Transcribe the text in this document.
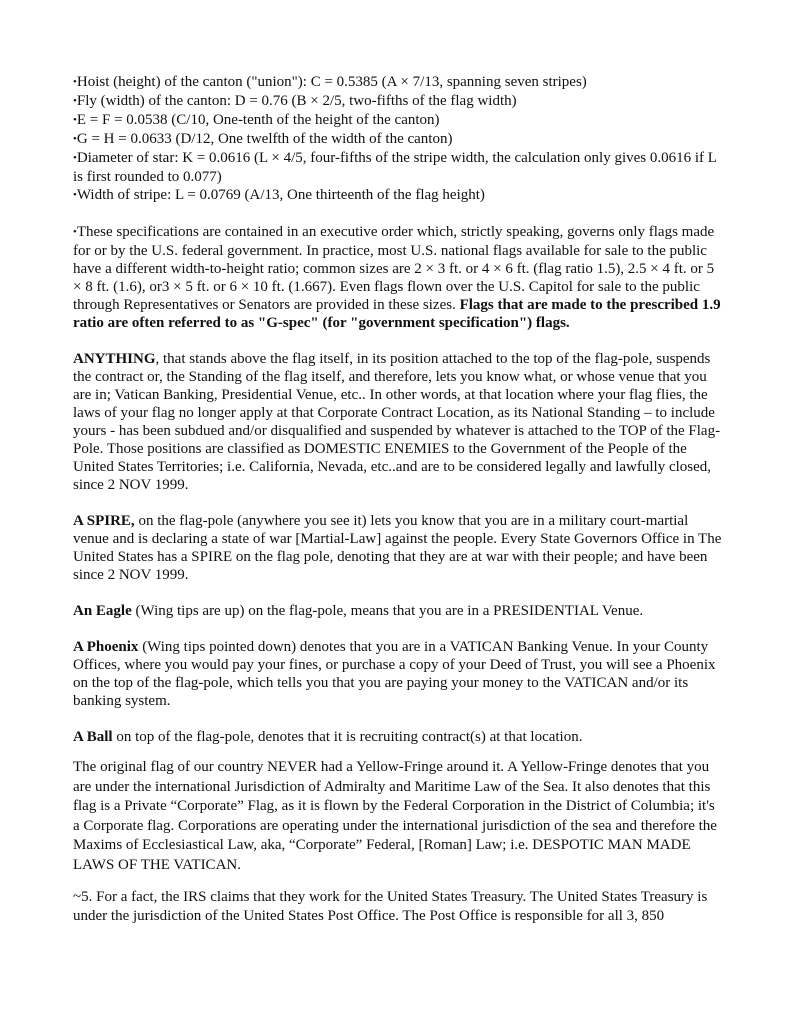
•Hoist (height) of the canton ("union"): C = 0.5385 (A × 7/13, spanning seven stripes)
•Fly (width) of the canton: D = 0.76 (B × 2/5, two-fifths of the flag width)
•E = F = 0.0538 (C/10, One-tenth of the height of the canton)
•G = H = 0.0633 (D/12, One twelfth of the width of the canton)
•Diameter of star: K = 0.0616 (L × 4/5, four-fifths of the stripe width, the calculation only gives 0.0616 if L is first rounded to 0.077)
•Width of stripe: L = 0.0769 (A/13, One thirteenth of the flag height)

•These specifications are contained in an executive order which, strictly speaking, governs only flags made for or by the U.S. federal government. In practice, most U.S. national flags available for sale to the public have a different width-to-height ratio; common sizes are 2 × 3 ft. or 4 × 6 ft. (flag ratio 1.5), 2.5 × 4 ft. or 5 × 8 ft. (1.6), or3 × 5 ft. or 6 × 10 ft. (1.667). Even flags flown over the U.S. Capitol for sale to the public through Representatives or Senators are provided in these sizes. Flags that are made to the prescribed 1.9 ratio are often referred to as "G-spec" (for "government specification") flags.

ANYTHING, that stands above the flag itself, in its position attached to the top of the flag-pole, suspends the contract or, the Standing of the flag itself, and therefore, lets you know what, or whose venue that you are in; Vatican Banking, Presidential Venue, etc.. In other words, at that location where your flag flies, the laws of your flag no longer apply at that Corporate Contract Location, as its National Standing – to include yours - has been subdued and/or disqualified and suspended by whatever is attached to the TOP of the Flag-Pole. Those positions are classified as DOMESTIC ENEMIES to the Government of the People of the United States Territories; i.e. California, Nevada, etc..and are to be considered legally and lawfully closed, since 2 NOV 1999.

A SPIRE, on the flag-pole (anywhere you see it) lets you know that you are in a military court-martial venue and is declaring a state of war [Martial-Law] against the people. Every State Governors Office in The United States has a SPIRE on the flag pole, denoting that they are at war with their people; and have been since 2 NOV 1999.

An Eagle (Wing tips are up) on the flag-pole, means that you are in a PRESIDENTIAL Venue.

A Phoenix (Wing tips pointed down) denotes that you are in a VATICAN Banking Venue. In your County Offices, where you would pay your fines, or purchase a copy of your Deed of Trust, you will see a Phoenix on the top of the flag-pole, which tells you that you are paying your money to the VATICAN and/or its banking system.

A Ball on top of the flag-pole, denotes that it is recruiting contract(s) at that location.

The original flag of our country NEVER had a Yellow-Fringe around it. A Yellow-Fringe denotes that you are under the international Jurisdiction of Admiralty and Maritime Law of the Sea. It also denotes that this flag is a Private “Corporate” Flag, as it is flown by the Federal Corporation in the District of Columbia; it's a Corporate flag. Corporations are operating under the international jurisdiction of the sea and therefore the Maxims of Ecclesiastical Law, aka, “Corporate” Federal, [Roman] Law; i.e. DESPOTIC MAN MADE LAWS OF THE VATICAN.

~5. For a fact, the IRS claims that they work for the United States Treasury. The United States Treasury is under the jurisdiction of the United States Post Office. The Post Office is responsible for all 3, 850
